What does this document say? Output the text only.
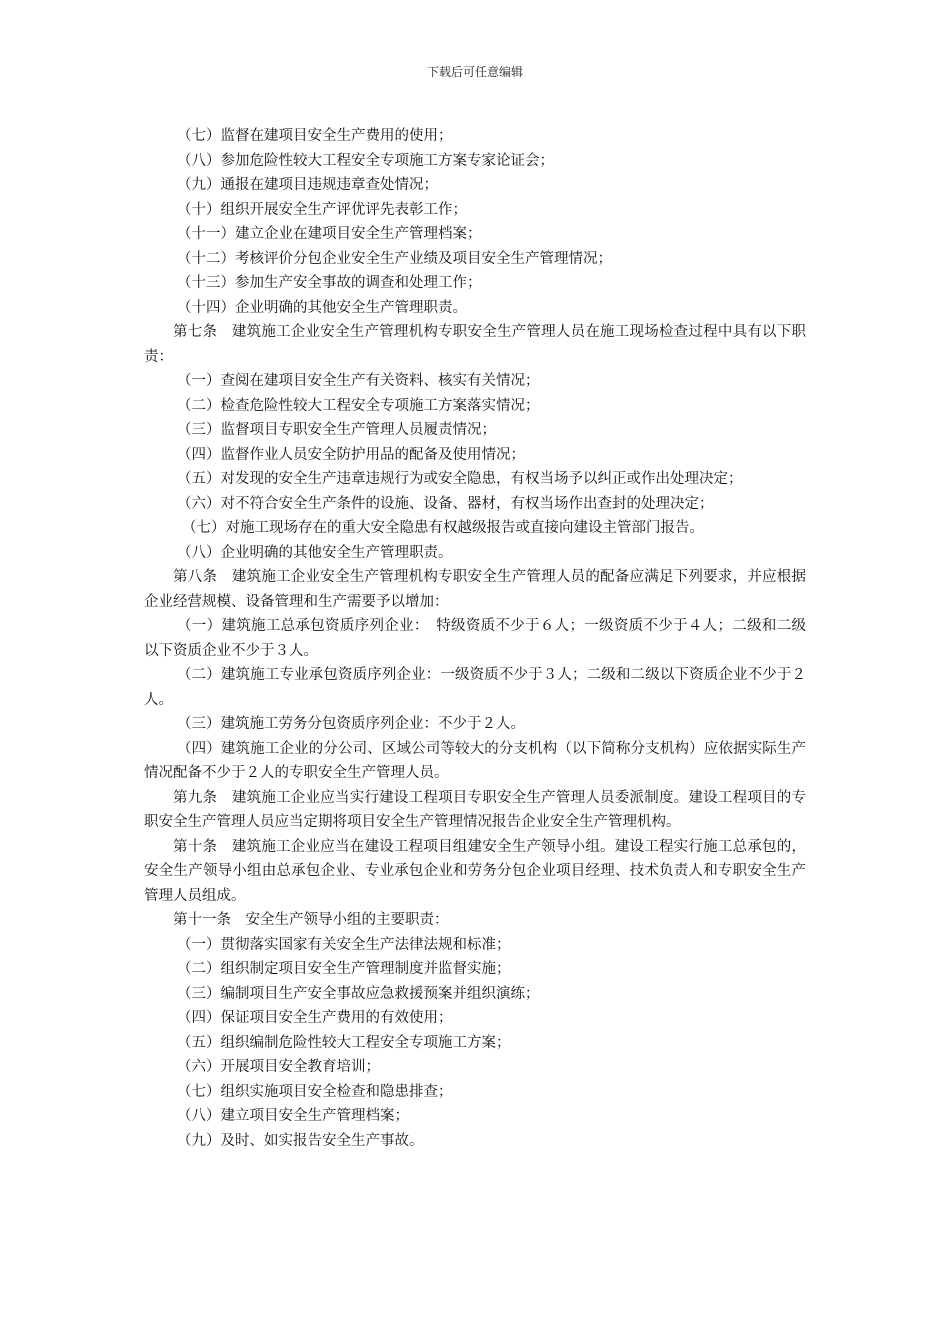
下载后可任意编辑

（七）监督在建项目安全生产费用的使用；

（八）参加危险性较大工程安全专项施工方案专家论证会；

（九）通报在建项目违规违章查处情况；

（十）组织开展安全生产评优评先表彰工作；

（十一）建立企业在建项目安全生产管理档案；

（十二）考核评价分包企业安全生产业绩及项目安全生产管理情况；

（十三）参加生产安全事故的调查和处理工作；

（十四）企业明确的其他安全生产管理职责。

第七条　建筑施工企业安全生产管理机构专职安全生产管理人员在施工现场检查过程中具有以下职责：

（一）查阅在建项目安全生产有关资料、核实有关情况；

（二）检查危险性较大工程安全专项施工方案落实情况；

（三）监督项目专职安全生产管理人员履责情况；

（四）监督作业人员安全防护用品的配备及使用情况；

（五）对发现的安全生产违章违规行为或安全隐患，有权当场予以纠正或作出处理决定；

（六）对不符合安全生产条件的设施、设备、器材，有权当场作出查封的处理决定；

（七）对施工现场存在的重大安全隐患有权越级报告或直接向建设主管部门报告。

（八）企业明确的其他安全生产管理职责。

第八条　建筑施工企业安全生产管理机构专职安全生产管理人员的配备应满足下列要求，并应根据企业经营规模、设备管理和生产需要予以增加：

（一）建筑施工总承包资质序列企业：　特级资质不少于６人；一级资质不少于４人；二级和二级以下资质企业不少于３人。

（二）建筑施工专业承包资质序列企业：一级资质不少于３人；二级和二级以下资质企业不少于２人。

（三）建筑施工劳务分包资质序列企业：不少于２人。

（四）建筑施工企业的分公司、区域公司等较大的分支机构（以下简称分支机构）应依据实际生产情况配备不少于２人的专职安全生产管理人员。

第九条　建筑施工企业应当实行建设工程项目专职安全生产管理人员委派制度。建设工程项目的专职安全生产管理人员应当定期将项目安全生产管理情况报告企业安全生产管理机构。

第十条　建筑施工企业应当在建设工程项目组建安全生产领导小组。建设工程实行施工总承包的，安全生产领导小组由总承包企业、专业承包企业和劳务分包企业项目经理、技术负责人和专职安全生产管理人员组成。

第十一条　安全生产领导小组的主要职责：

（一）贯彻落实国家有关安全生产法律法规和标准；

（二）组织制定项目安全生产管理制度并监督实施；

（三）编制项目生产安全事故应急救援预案并组织演练；

（四）保证项目安全生产费用的有效使用；

（五）组织编制危险性较大工程安全专项施工方案；

（六）开展项目安全教育培训；

（七）组织实施项目安全检查和隐患排查；

（八）建立项目安全生产管理档案；

（九）及时、如实报告安全生产事故。
